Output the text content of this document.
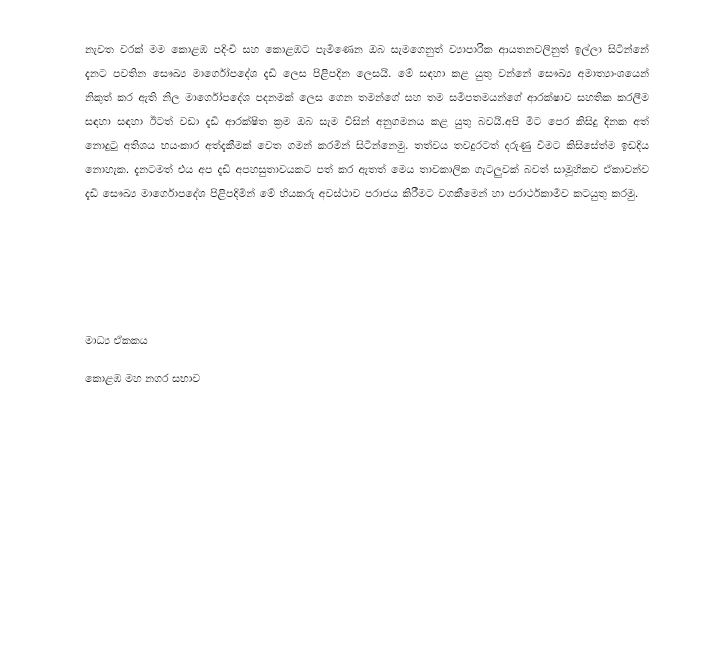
නැවත වරක් මම කොළඹ පදිංචි සහ කොළඹට පැමිණෙන ඔබ සැමගෙනුත් ව්‍යාපාරික ආයතනවලිනුත් ඉල්ලා සිටින්නේ දැනට පවතින සෞඛ්‍ය මාර්ගෝපදේශ දැඩි ලෙස පිළිපදින ලෙසයි. මේ සඳහා කළ යුතු වන්නේ සෞඛ්‍ය අමාත්‍යාංශයෙන් නිකුත් කර ඇති නිල මාර්ගෝපදේශ පදනමක් ලෙස ගෙන තමන්ගේ සහ තම සමීපතමයන්ගේ ආරක්ෂාව සහතික කරලීම සඳහා සඳහා ඊටත් වඩා දැඩි ආරක්ෂිත ක්‍රම ඔබ සැම විසින් අනුගමනය කළ යුතු බවයි.අපි මීට පෙර කිසිදු දිනක අත් නොදුටු අතිශය භයංකාර අත්දැකීමක් වෙත ගමන් කරමින් සිටින්නෙමු. තත්වය තවදුරටත් දරුණු වීමට කිසිසේත්ම ඉඩදිය නොහැක. දැනටමත් එය අප දැඩි අපහසුතාවයකට පත් කර ඇතත් මෙය තාවකාලික ගැටලුවක් බවත් සාමූහිකව ඒකාවන්ව දැඩි සෞඛ්‍ය මාර්ගොපදේශ පිළිපදිමින් මේ භියකරු අවස්ථාව පරාජය කිරීමට වගකීමෙන් හා පරාර්ථකාමීව කටයුතු කරමු.

මාධ්‍ය ඒකකය

කොළඹ මහ නගර සභාව
